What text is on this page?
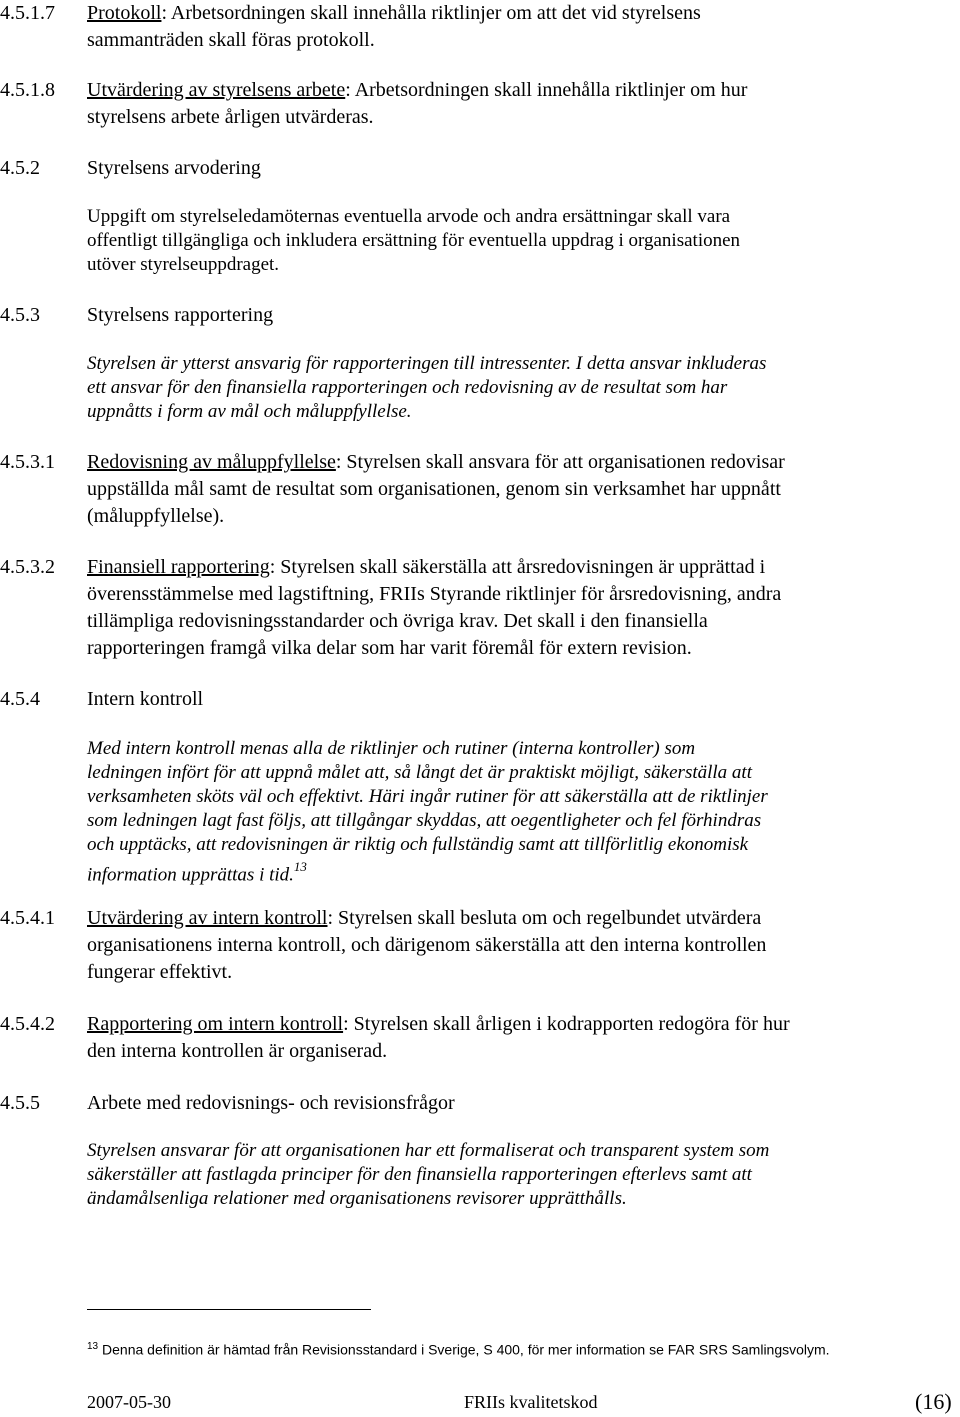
4.5.1.7 Protokoll: Arbetsordningen skall innehålla riktlinjer om att det vid styrelsens
sammanträden skall föras protokoll.
4.5.1.8 Utvärdering av styrelsens arbete: Arbetsordningen skall innehålla riktlinjer om hur
styrelsens arbete årligen utvärderas.
4.5.2 Styrelsens arvodering
Uppgift om styrelseledamöternas eventuella arvode och andra ersättningar skall vara
offentligt tillgängliga och inkludera ersättning för eventuella uppdrag i organisationen
utöver styrelseuppdraget.
4.5.3 Styrelsens rapportering
Styrelsen är ytterst ansvarig för rapporteringen till intressenter. I detta ansvar inkluderas
ett ansvar för den finansiella rapporteringen och redovisning av de resultat som har
uppnåtts i form av mål och måluppfyllelse.
4.5.3.1 Redovisning av måluppfyllelse: Styrelsen skall ansvara för att organisationen redovisar
uppställda mål samt de resultat som organisationen, genom sin verksamhet har uppnått
(måluppfyllelse).
4.5.3.2 Finansiell rapportering: Styrelsen skall säkerställa att årsredovisningen är upprättad i
överensstämmelse med lagstiftning, FRIIs Styrande riktlinjer för årsredovisning, andra
tillämpliga redovisningsstandarder och övriga krav. Det skall i den finansiella
rapporteringen framgå vilka delar som har varit föremål för extern revision.
4.5.4 Intern kontroll
Med intern kontroll menas alla de riktlinjer och rutiner (interna kontroller) som
ledningen infört för att uppnå målet att, så långt det är praktiskt möjligt, säkerställa att
verksamheten sköts väl och effektivt. Häri ingår rutiner för att säkerställa att de riktlinjer
som ledningen lagt fast följs, att tillgångar skyddas, att oegentligheter och fel förhindras
och upptäcks, att redovisningen är riktig och fullständig samt att tillförlitlig ekonomisk
information upprättas i tid.$^{13}$
4.5.4.1 Utvärdering av intern kontroll: Styrelsen skall besluta om och regelbundet utvärdera
organisationens interna kontroll, och därigenom säkerställa att den interna kontrollen
fungerar effektivt.
4.5.4.2 Rapportering om intern kontroll: Styrelsen skall årligen i kodrapporten redogöra för hur
den interna kontrollen är organiserad.
4.5.5 Arbete med redovisnings- och revisionsfrågor
Styrelsen ansvarar för att organisationen har ett formaliserat och transparent system som
säkerställer att fastlagda principer för den finansiella rapporteringen efterlevs samt att
ändamålsenliga relationer med organisationens revisorer upprätthålls.
$^{13}$ Denna definition är hämtad från Revisionsstandard i Sverige, S 400, för mer information se FAR SRS Samlingsvolym.
2007-05-30	FRIIs kvalitetskod	(16)
